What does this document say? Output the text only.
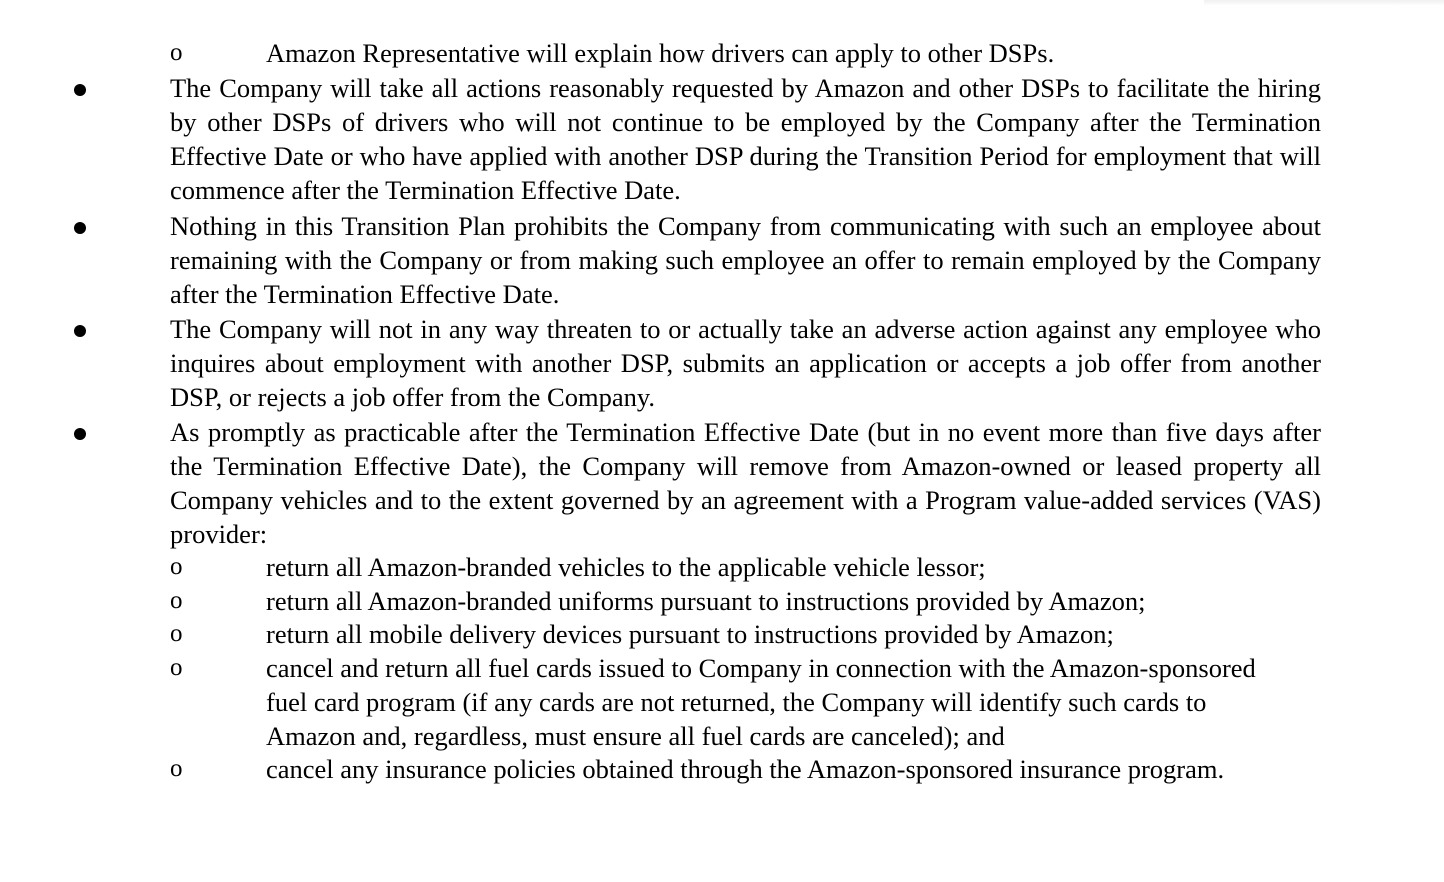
o	Amazon Representative will explain how drivers can apply to other DSPs.
The Company will take all actions reasonably requested by Amazon and other DSPs to facilitate the hiring by other DSPs of drivers who will not continue to be employed by the Company after the Termination Effective Date or who have applied with another DSP during the Transition Period for employment that will commence after the Termination Effective Date.
Nothing in this Transition Plan prohibits the Company from communicating with such an employee about remaining with the Company or from making such employee an offer to remain employed by the Company after the Termination Effective Date.
The Company will not in any way threaten to or actually take an adverse action against any employee who inquires about employment with another DSP, submits an application or accepts a job offer from another DSP, or rejects a job offer from the Company.
As promptly as practicable after the Termination Effective Date (but in no event more than five days after the Termination Effective Date), the Company will remove from Amazon-owned or leased property all Company vehicles and to the extent governed by an agreement with a Program value-added services (VAS) provider:
o	return all Amazon-branded vehicles to the applicable vehicle lessor;
o	return all Amazon-branded uniforms pursuant to instructions provided by Amazon;
o	return all mobile delivery devices pursuant to instructions provided by Amazon;
o	cancel and return all fuel cards issued to Company in connection with the Amazon-sponsored fuel card program (if any cards are not returned, the Company will identify such cards to Amazon and, regardless, must ensure all fuel cards are canceled); and
o	cancel any insurance policies obtained through the Amazon-sponsored insurance program.
